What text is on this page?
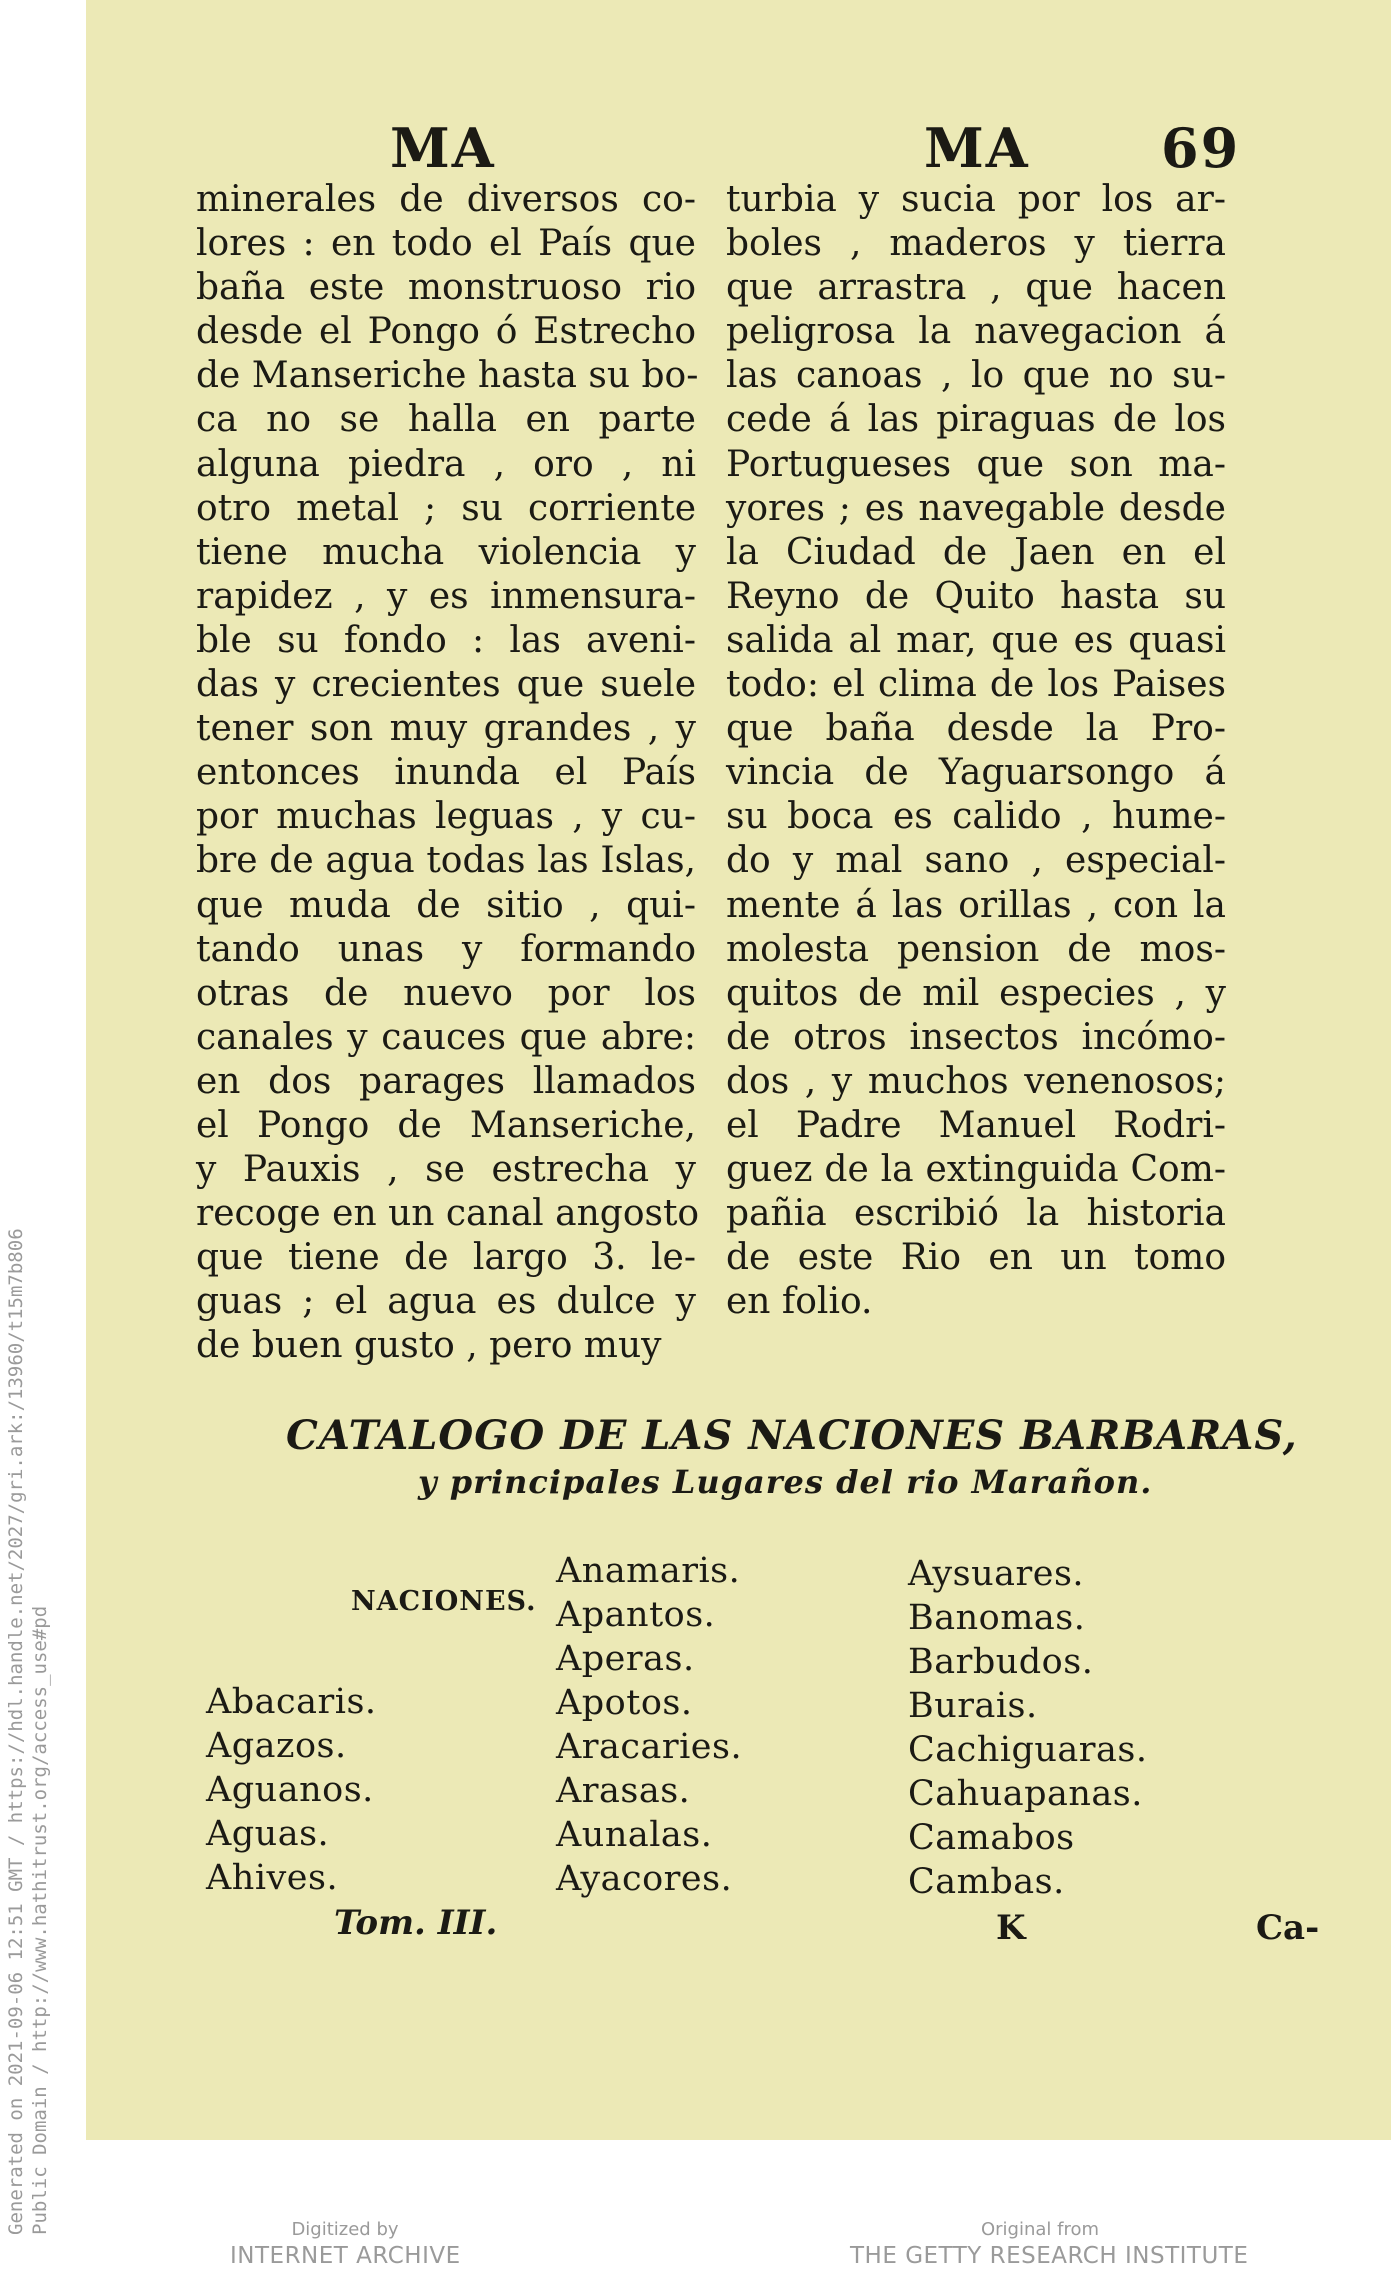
Generated on 2021-09-06 12:51 GMT / https://hdl.handle.net/2027/gri.ark:/13960/t15m7b806 Public Domain / http://www.hathitrust.org/access_use#pd
MA	MA 69
minerales de diversos co-
lores : en todo el País que
baña este monstruoso rio
desde el Pongo ó Estrecho
de Manseriche hasta su bo-
ca no se halla en parte
alguna piedra , oro , ni
otro metal ; su corriente
tiene mucha violencia y
rapidez , y es inmensura-
ble su fondo : las aveni-
das y crecientes que suele
tener son muy grandes , y
entonces inunda el País
por muchas leguas , y cu-
bre de agua todas las Islas,
que muda de sitio , qui-
tando unas y formando
otras de nuevo por los
canales y cauces que abre:
en dos parages llamados
el Pongo de Manseriche,
y Pauxis , se estrecha y
recoge en un canal angosto
que tiene de largo 3. le-
guas ; el agua es dulce y
de buen gusto , pero muy
turbia y sucia por los ar-
boles , maderos y tierra
que arrastra , que hacen
peligrosa la navegacion á
las canoas , lo que no su-
cede á las piraguas de los
Portugueses que son ma-
yores ; es navegable desde
la Ciudad de Jaen en el
Reyno de Quito hasta su
salida al mar, que es quasi
todo: el clima de los Paises
que baña desde la Pro-
vincia de Yaguarsongo á
su boca es calido , hume-
do y mal sano , especial-
mente á las orillas , con la
molesta pension de mos-
quitos de mil especies , y
de otros insectos incómo-
dos , y muchos venenosos;
el Padre Manuel Rodri-
guez de la extinguida Com-
pañia escribió la historia
de este Rio en un tomo
en folio.
CATALOGO DE LAS NACIONES BARBARAS,
y principales Lugares del rio Marañon.
NACIONES.
Abacaris.
Agazos.
Aguanos.
Aguas.
Ahives.
Anamaris.
Apantos.
Aperas.
Apotos.
Aracaries.
Arasas.
Aunalas.
Ayacores.
Aysuares.
Banomas.
Barbudos.
Burais.
Cachiguaras.
Cahuapanas.
Camabos
Cambas.
Tom. III.	K	Ca-
Digitized by
INTERNET ARCHIVE
Original from
THE GETTY RESEARCH INSTITUTE
